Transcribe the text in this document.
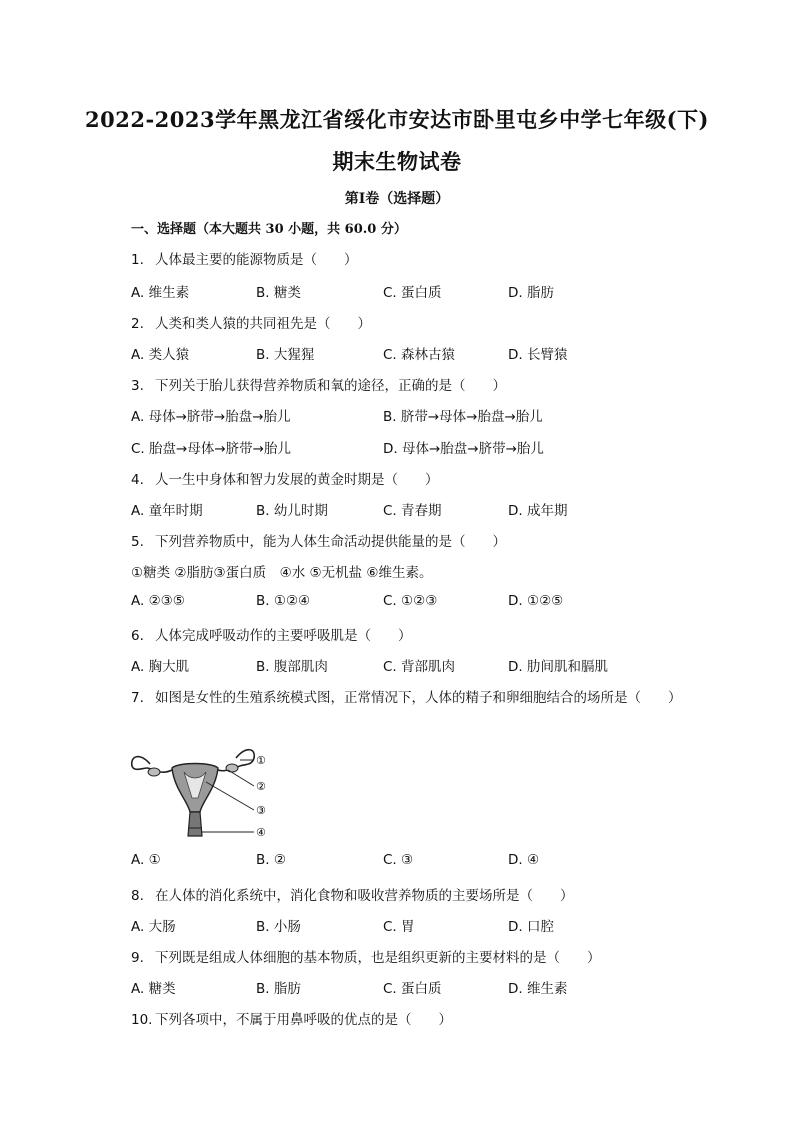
2022-2023学年黑龙江省绥化市安达市卧里屯乡中学七年级(下)
期末生物试卷
第I卷（选择题）
一、选择题（本大题共 30 小题，共 60.0 分）
1. 人体最主要的能源物质是（　　）
A. 维生素	B. 糖类	C. 蛋白质	D. 脂肪
2. 人类和类人猿的共同祖先是（　　）
A. 类人猿	B. 大猩猩	C. 森林古猿	D. 长臂猿
3. 下列关于胎儿获得营养物质和氧的途径，正确的是（　　）
A. 母体→脐带→胎盘→胎儿	B. 脐带→母体→胎盘→胎儿
C. 胎盘→母体→脐带→胎儿	D. 母体→胎盘→脐带→胎儿
4. 人一生中身体和智力发展的黄金时期是（　　）
A. 童年时期	B. 幼儿时期	C. 青春期	D. 成年期
5. 下列营养物质中，能为人体生命活动提供能量的是（　　）
①糖类 ②脂肪③蛋白质　④水 ⑤无机盐 ⑥维生素。
A. ②③⑤	B. ①②④	C. ①②③	D. ①②⑤
6. 人体完成呼吸动作的主要呼吸肌是（　　）
A. 胸大肌	B. 腹部肌肉	C. 背部肌肉	D. 肋间肌和膈肌
7. 如图是女性的生殖系统模式图，正常情况下，人体的精子和卵细胞结合的场所是（　　）
①
②
③
④
A. ①	B. ②	C. ③	D. ④
8. 在人体的消化系统中，消化食物和吸收营养物质的主要场所是（　　）
A. 大肠	B. 小肠	C. 胃	D. 口腔
9. 下列既是组成人体细胞的基本物质，也是组织更新的主要材料的是（　　）
A. 糖类	B. 脂肪	C. 蛋白质	D. 维生素
10. 下列各项中，不属于用鼻呼吸的优点的是（　　）
